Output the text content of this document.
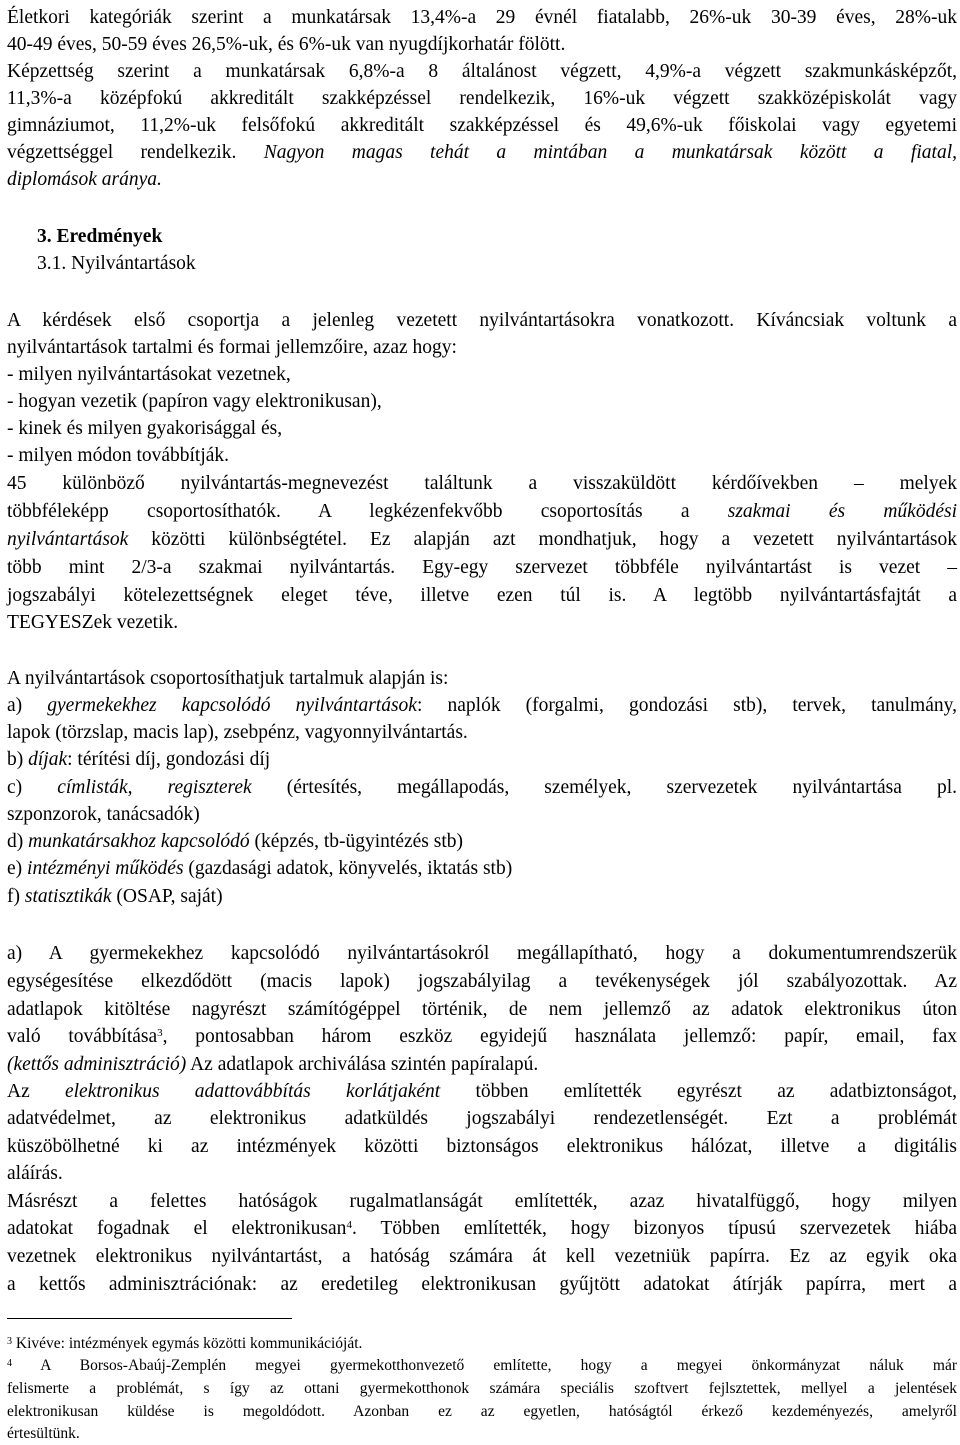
Életkori kategóriák szerint a munkatársak 13,4%-a 29 évnél fiatalabb, 26%-uk 30-39 éves, 28%-uk
40-49 éves, 50-59 éves 26,5%-uk, és 6%-uk van nyugdíjkorhatár fölött.
Képzettség szerint a munkatársak 6,8%-a 8 általánost végzett, 4,9%-a végzett szakmunkásképzőt,
11,3%-a középfokú akkreditált szakképzéssel rendelkezik, 16%-uk végzett szakközépiskolát vagy
gimnáziumot, 11,2%-uk felsőfokú akkreditált szakképzéssel és 49,6%-uk főiskolai vagy egyetemi
végzettséggel rendelkezik. Nagyon magas tehát a mintában a munkatársak között a fiatal,
diplomások aránya.
3. Eredmények
3.1. Nyilvántartások
A kérdések első csoportja a jelenleg vezetett nyilvántartásokra vonatkozott. Kíváncsiak voltunk a
nyilvántartások tartalmi és formai jellemzőire, azaz hogy:
- milyen nyilvántartásokat vezetnek,
- hogyan vezetik (papíron vagy elektronikusan),
- kinek és milyen gyakorisággal és,
- milyen módon továbbítják.
45 különböző nyilvántartás-megnevezést találtunk a visszaküldött kérdőívekben – melyek
többféleképp csoportosíthatók. A legkézenfekvőbb csoportosítás a szakmai és működési
nyilvántartások közötti különbségtétel. Ez alapján azt mondhatjuk, hogy a vezetett nyilvántartások
több mint 2/3-a szakmai nyilvántartás. Egy-egy szervezet többféle nyilvántartást is vezet –
jogszabályi kötelezettségnek eleget téve, illetve ezen túl is. A legtöbb nyilvántartásfajtát a
TEGYESZek vezetik.
A nyilvántartások csoportosíthatjuk tartalmuk alapján is:
a) gyermekekhez kapcsolódó nyilvántartások: naplók (forgalmi, gondozási stb), tervek, tanulmány,
lapok (törzslap, macis lap), zsebpénz, vagyonnyilvántartás.
b) díjak: térítési díj, gondozási díj
c) címlisták, regiszterek (értesítés, megállapodás, személyek, szervezetek nyilvántartása pl.
szponzorok, tanácsadók)
d) munkatársakhoz kapcsolódó (képzés, tb-ügyintézés stb)
e) intézményi működés (gazdasági adatok, könyvelés, iktatás stb)
f) statisztikák (OSAP, saját)
a) A gyermekekhez kapcsolódó nyilvántartásokról megállapítható, hogy a dokumentumrendszerük
egységesítése elkezdődött (macis lapok) jogszabályilag a tevékenységek jól szabályozottak. Az
adatlapok kitöltése nagyrészt számítógéppel történik, de nem jellemző az adatok elektronikus úton
való továbbítása$^3$, pontosabban három eszköz egyidejű használata jellemző: papír, email, fax
(kettős adminisztráció) Az adatlapok archiválása szintén papíralapú.
Az elektronikus adattovábbítás korlátjaként többen említették egyrészt az adatbiztonságot,
adatvédelmet, az elektronikus adatküldés jogszabályi rendezetlenségét. Ezt a problémát
küszöbölhetné ki az intézmények közötti biztonságos elektronikus hálózat, illetve a digitális
aláírás.
Másrészt a felettes hatóságok rugalmatlanságát említették, azaz hivatalfüggő, hogy milyen
adatokat fogadnak el elektronikusan$^4$. Többen említették, hogy bizonyos típusú szervezetek hiába
vezetnek elektronikus nyilvántartást, a hatóság számára át kell vezetniük papírra. Ez az egyik oka
a kettős adminisztrációnak: az eredetileg elektronikusan gyűjtött adatokat átírják papírra, mert a
$^3$ Kivéve: intézmények egymás közötti kommunikációját.
$^4$ A Borsos-Abaúj-Zemplén megyei gyermekotthonvezető említette, hogy a megyei önkormányzat náluk már
felismerte a problémát, s így az ottani gyermekotthonok számára speciális szoftvert fejlsztettek, mellyel a jelentések
elektronikusan küldése is megoldódott. Azonban ez az egyetlen, hatóságtól érkező kezdeményezés, amelyről
értesültünk.
